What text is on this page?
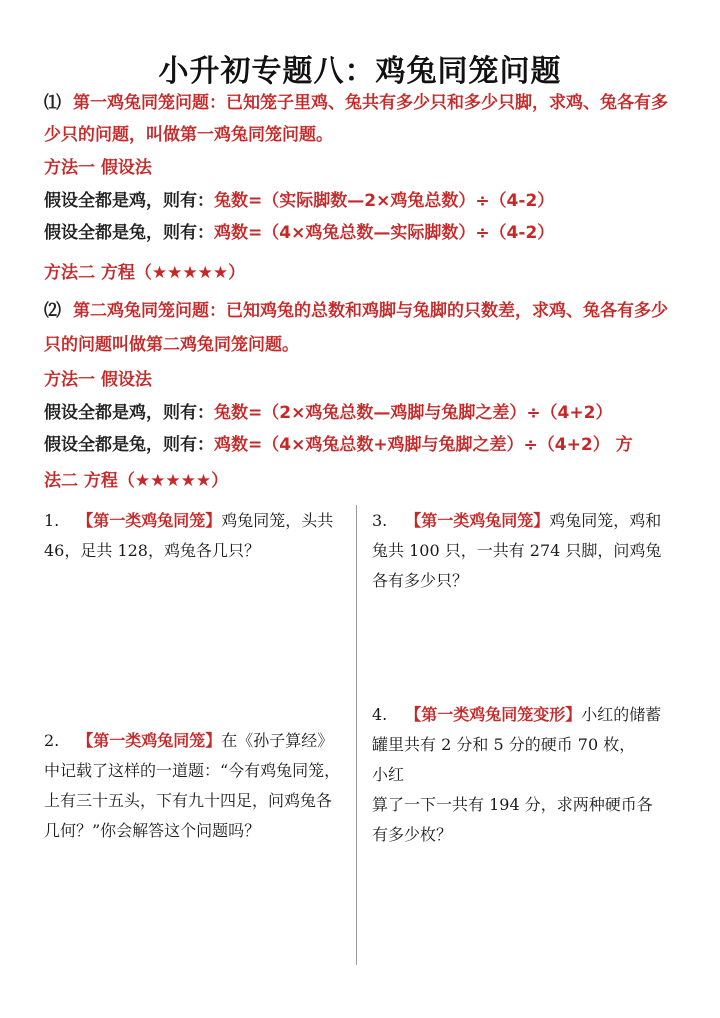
小升初专题八：鸡兔同笼问题
⑴ 第一鸡兔同笼问题：已知笼子里鸡、兔共有多少只和多少只脚，求鸡、兔各有多
少只的问题，叫做第一鸡兔同笼问题。
方法一 假设法
假设全都是鸡，则有：兔数=（实际脚数—2×鸡兔总数）÷（4-2）
假设全都是兔，则有：鸡数=（4×鸡兔总数—实际脚数）÷（4-2）
方法二 方程（★★★★★）
⑵ 第二鸡兔同笼问题：已知鸡兔的总数和鸡脚与兔脚的只数差，求鸡、兔各有多少
只的问题叫做第二鸡兔同笼问题。
方法一 假设法
假设全都是鸡，则有：兔数=（2×鸡兔总数—鸡脚与兔脚之差）÷（4+2）
假设全都是兔，则有：鸡数=（4×鸡兔总数+鸡脚与兔脚之差）÷（4+2） 方
法二 方程（★★★★★）
1. 【第一类鸡兔同笼】鸡兔同笼，头共
46，足共 128，鸡兔各几只？
3. 【第一类鸡兔同笼】鸡兔同笼，鸡和
兔共 100 只，一共有 274 只脚，问鸡兔
各有多少只？
4. 【第一类鸡兔同笼变形】小红的储蓄
罐里共有 2 分和 5 分的硬币 70 枚，
小红
算了一下一共有 194 分，求两种硬币各
有多少枚？
2. 【第一类鸡兔同笼】在《孙子算经》
中记载了这样的一道题：“今有鸡兔同笼，
上有三十五头，下有九十四足，问鸡兔各
几何？”你会解答这个问题吗？
